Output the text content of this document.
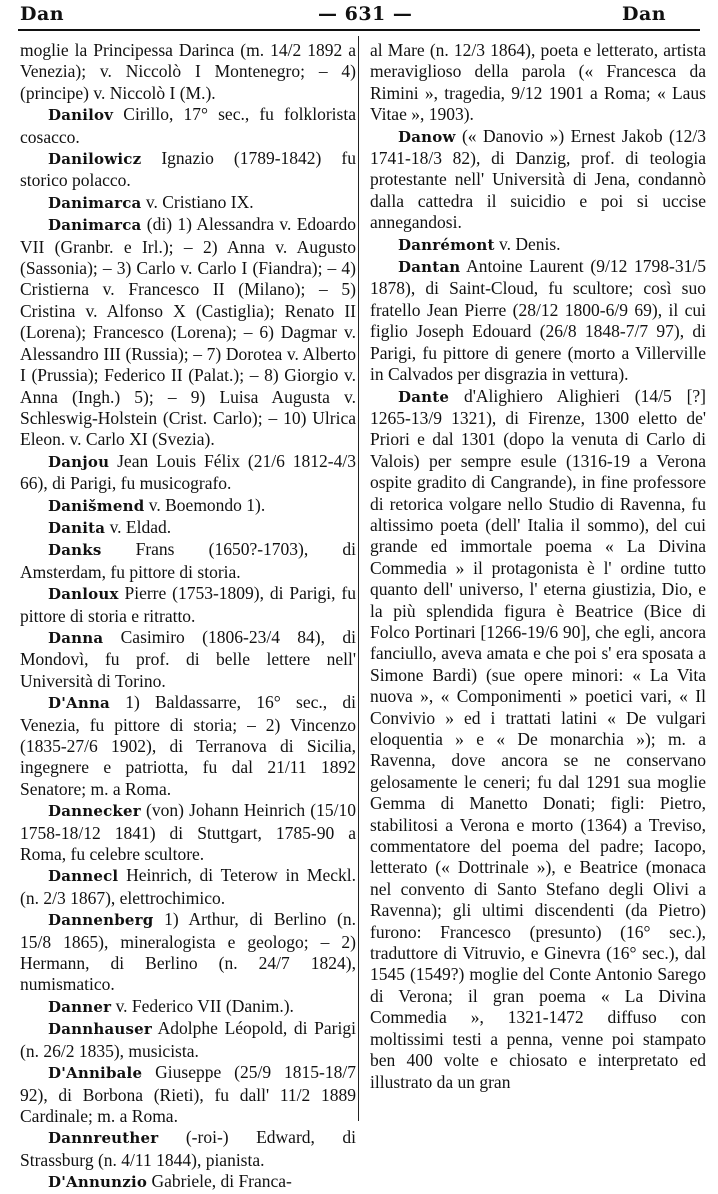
Dan	— 631 —	Dan

moglie la Principessa Darinca (m. 14/2 1892 a Venezia); v. Niccolò I Montenegro; – 4) (principe) v. Niccolò I (M.).

Danilov Cirillo, 17° sec., fu folklorista cosacco.

Danilowicz Ignazio (1789-1842) fu storico polacco.

Danimarca v. Cristiano IX.

Danimarca (di) 1) Alessandra v. Edoardo VII (Granbr. e Irl.); – 2) Anna v. Augusto (Sassonia); – 3) Carlo v. Carlo I (Fiandra); – 4) Cristierna v. Francesco II (Milano); – 5) Cristina v. Alfonso X (Castiglia); Renato II (Lorena); Francesco (Lorena); – 6) Dagmar v. Alessandro III (Russia); – 7) Dorotea v. Alberto I (Prussia); Federico II (Palat.); – 8) Giorgio v. Anna (Ingh.) 5); – 9) Luisa Augusta v. Schleswig-Holstein (Crist. Carlo); – 10) Ulrica Eleon. v. Carlo XI (Svezia).

Danjou Jean Louis Félix (21/6 1812-4/3 66), di Parigi, fu musicografo.

Danišmend v. Boemondo 1).

Danita v. Eldad.

Danks Frans (1650?-1703), di Amsterdam, fu pittore di storia.

Danloux Pierre (1753-1809), di Parigi, fu pittore di storia e ritratto.

Danna Casimiro (1806-23/4 84), di Mondovì, fu prof. di belle lettere nell' Università di Torino.

D'Anna 1) Baldassarre, 16° sec., di Venezia, fu pittore di storia; – 2) Vincenzo (1835-27/6 1902), di Terranova di Sicilia, ingegnere e patriotta, fu dal 21/11 1892 Senatore; m. a Roma.

Dannecker (von) Johann Heinrich (15/10 1758-18/12 1841) di Stuttgart, 1785-90 a Roma, fu celebre scultore.

Dannecl Heinrich, di Teterow in Meckl. (n. 2/3 1867), elettrochimico.

Dannenberg 1) Arthur, di Berlino (n. 15/8 1865), mineralogista e geologo; – 2) Hermann, di Berlino (n. 24/7 1824), numismatico.

Danner v. Federico VII (Danim.).

Dannhauser Adolphe Léopold, di Parigi (n. 26/2 1835), musicista.

D'Annibale Giuseppe (25/9 1815-18/7 92), di Borbona (Rieti), fu dall' 11/2 1889 Cardinale; m. a Roma.

Dannreuther (-roi-) Edward, di Strassburg (n. 4/11 1844), pianista.

D'Annunzio Gabriele, di Franca-

al Mare (n. 12/3 1864), poeta e letterato, artista meraviglioso della parola (« Francesca da Rimini », tragedia, 9/12 1901 a Roma; « Laus Vitae », 1903).

Danow (« Danovio ») Ernest Jakob (12/3 1741-18/3 82), di Danzig, prof. di teologia protestante nell' Università di Jena, condannò dalla cattedra il suicidio e poi si uccise annegandosi.

Danrémont v. Denis.

Dantan Antoine Laurent (9/12 1798-31/5 1878), di Saint-Cloud, fu scultore; così suo fratello Jean Pierre (28/12 1800-6/9 69), il cui figlio Joseph Edouard (26/8 1848-7/7 97), di Parigi, fu pittore di genere (morto a Villerville in Calvados per disgrazia in vettura).

Dante d'Alighiero Alighieri (14/5 [?] 1265-13/9 1321), di Firenze, 1300 eletto de' Priori e dal 1301 (dopo la venuta di Carlo di Valois) per sempre esule (1316-19 a Verona ospite gradito di Cangrande), in fine professore di retorica volgare nello Studio di Ravenna, fu altissimo poeta (dell' Italia il sommo), del cui grande ed immortale poema « La Divina Commedia » il protagonista è l' ordine tutto quanto dell' universo, l' eterna giustizia, Dio, e la più splendida figura è Beatrice (Bice di Folco Portinari [1266-19/6 90], che egli, ancora fanciullo, aveva amata e che poi s' era sposata a Simone Bardi) (sue opere minori: « La Vita nuova », « Componimenti » poetici vari, « Il Convivio » ed i trattati latini « De vulgari eloquentia » e « De monarchia »); m. a Ravenna, dove ancora se ne conservano gelosamente le ceneri; fu dal 1291 sua moglie Gemma di Manetto Donati; figli: Pietro, stabilitosi a Verona e morto (1364) a Treviso, commentatore del poema del padre; Iacopo, letterato (« Dottrinale »), e Beatrice (monaca nel convento di Santo Stefano degli Olivi a Ravenna); gli ultimi discendenti (da Pietro) furono: Francesco (presunto) (16° sec.), traduttore di Vitruvio, e Ginevra (16° sec.), dal 1545 (1549?) moglie del Conte Antonio Sarego di Verona; il gran poema « La Divina Commedia », 1321-1472 diffuso con moltissimi testi a penna, venne poi stampato ben 400 volte e chiosato e interpretato ed illustrato da un gran
